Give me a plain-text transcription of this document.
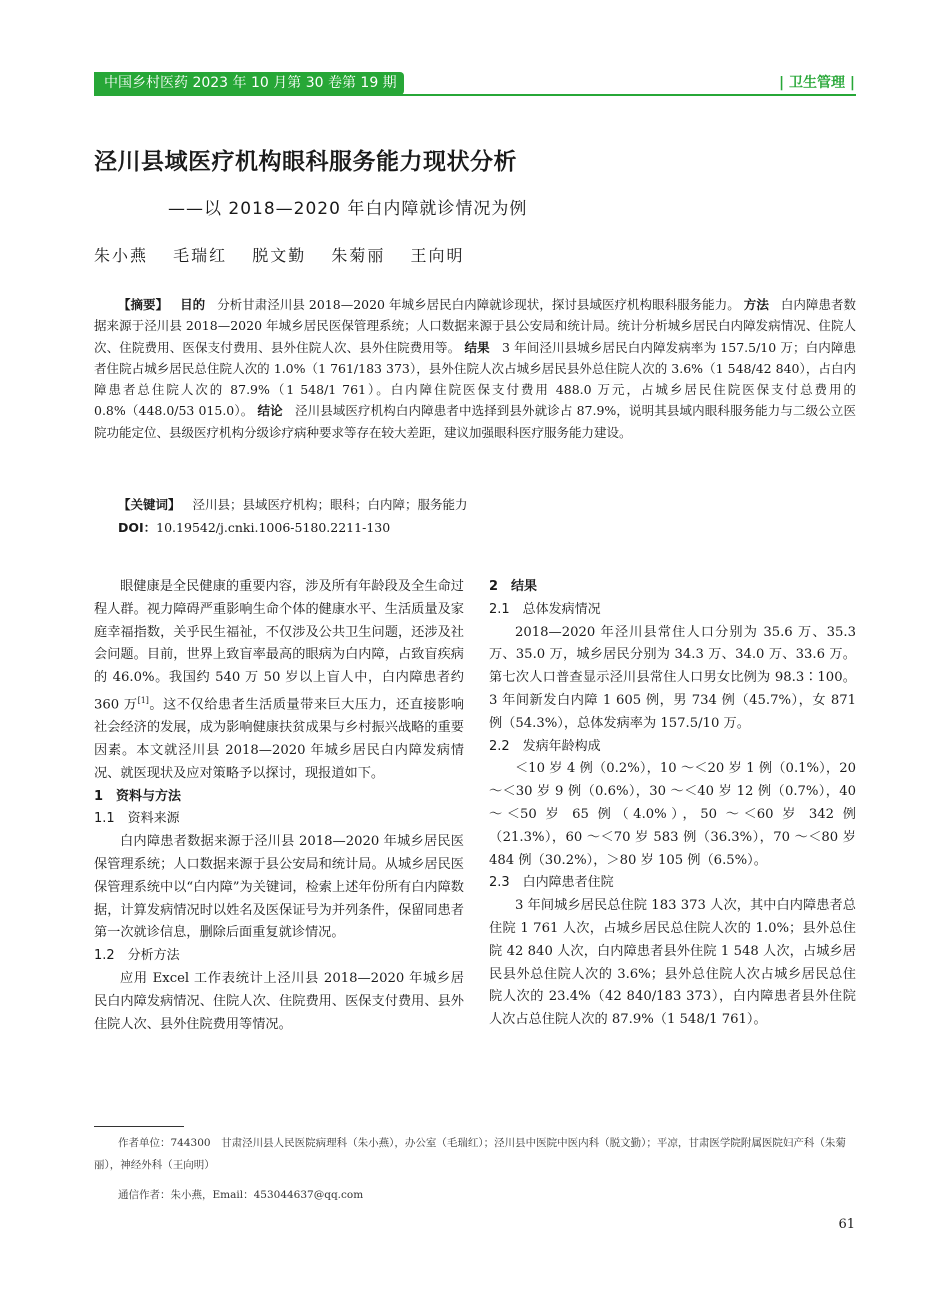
中国乡村医药 2023 年 10 月第 30 卷第 19 期	| 卫生管理 |
泾川县域医疗机构眼科服务能力现状分析
——以 2018—2020 年白内障就诊情况为例
朱小燕 毛瑞红 脱文勤 朱菊丽 王向明

【摘要】 目的 分析甘肃泾川县 2018—2020 年城乡居民白内障就诊现状，探讨县域医疗机构眼科服务能力。 方法 白内障患者数据来源于泾川县 2018—2020 年城乡居民医保管理系统；人口数据来源于县公安局和统计局。统计分析城乡居民白内障发病情况、住院人次、住院费用、医保支付费用、县外住院人次、县外住院费用等。 结果 3 年间泾川县城乡居民白内障发病率为 157.5/10 万；白内障患者住院占城乡居民总住院人次的 1.0%（1 761/183 373），县外住院人次占城乡居民县外总住院人次的 3.6%（1 548/42 840），占白内障患者总住院人次的 87.9%（1 548/1 761）。白内障住院医保支付费用 488.0 万元，占城乡居民住院医保支付总费用的 0.8%（448.0/53 015.0）。 结论 泾川县域医疗机构白内障患者中选择到县外就诊占 87.9%，说明其县域内眼科服务能力与二级公立医院功能定位、县级医疗机构分级诊疗病种要求等存在较大差距，建议加强眼科医疗服务能力建设。

【关键词】 泾川县；县域医疗机构；眼科；白内障；服务能力
DOI：10.19542/j.cnki.1006-5180.2211-130

眼健康是全民健康的重要内容，涉及所有年龄段及全生命过程人群。视力障碍严重影响生命个体的健康水平、生活质量及家庭幸福指数，关乎民生福祉，不仅涉及公共卫生问题，还涉及社会问题。目前，世界上致盲率最高的眼病为白内障，占致盲疾病的 46.0%。我国约 540 万 50 岁以上盲人中，白内障患者约 360 万[1]。这不仅给患者生活质量带来巨大压力，还直接影响社会经济的发展，成为影响健康扶贫成果与乡村振兴战略的重要因素。本文就泾川县 2018—2020 年城乡居民白内障发病情况、就医现状及应对策略予以探讨，现报道如下。

1　资料与方法
1.1　资料来源

白内障患者数据来源于泾川县 2018—2020 年城乡居民医保管理系统；人口数据来源于县公安局和统计局。从城乡居民医保管理系统中以“白内障”为关键词，检索上述年份所有白内障数据，计算发病情况时以姓名及医保证号为并列条件，保留同患者第一次就诊信息，删除后面重复就诊情况。

1.2　分析方法

应用 Excel 工作表统计上泾川县 2018—2020 年城乡居民白内障发病情况、住院人次、住院费用、医保支付费用、县外住院人次、县外住院费用等情况。

2　结果
2.1　总体发病情况

2018—2020 年泾川县常住人口分别为 35.6 万、35.3 万、35.0 万，城乡居民分别为 34.3 万、34.0 万、33.6 万。第七次人口普查显示泾川县常住人口男女比例为 98.3∶100。3 年间新发白内障 1 605 例，男 734 例（45.7%），女 871 例（54.3%），总体发病率为 157.5/10 万。

2.2　发病年龄构成

＜10 岁 4 例（0.2%），10 ～＜20 岁 1 例（0.1%），20 ～＜30 岁 9 例（0.6%），30 ～＜40 岁 12 例（0.7%），40 ～＜50 岁 65 例（4.0%），50 ～＜60 岁 342 例（21.3%），60 ～＜70 岁 583 例（36.3%），70 ～＜80 岁 484 例（30.2%），＞80 岁 105 例（6.5%）。

2.3　白内障患者住院

3 年间城乡居民总住院 183 373 人次，其中白内障患者总住院 1 761 人次，占城乡居民总住院人次的 1.0%；县外总住院 42 840 人次，白内障患者县外住院 1 548 人次，占城乡居民县外总住院人次的 3.6%；县外总住院人次占城乡居民总住院人次的 23.4%（42 840/183 373），白内障患者县外住院人次占总住院人次的 87.9%（1 548/1 761）。

作者单位：744300　甘肃泾川县人民医院病理科（朱小燕），办公室（毛瑞红）；泾川县中医院中医内科（脱文勤）；平凉，甘肃医学院附属医院妇产科（朱菊丽），神经外科（王向明）

通信作者：朱小燕，Email：453044637@qq.com

61
